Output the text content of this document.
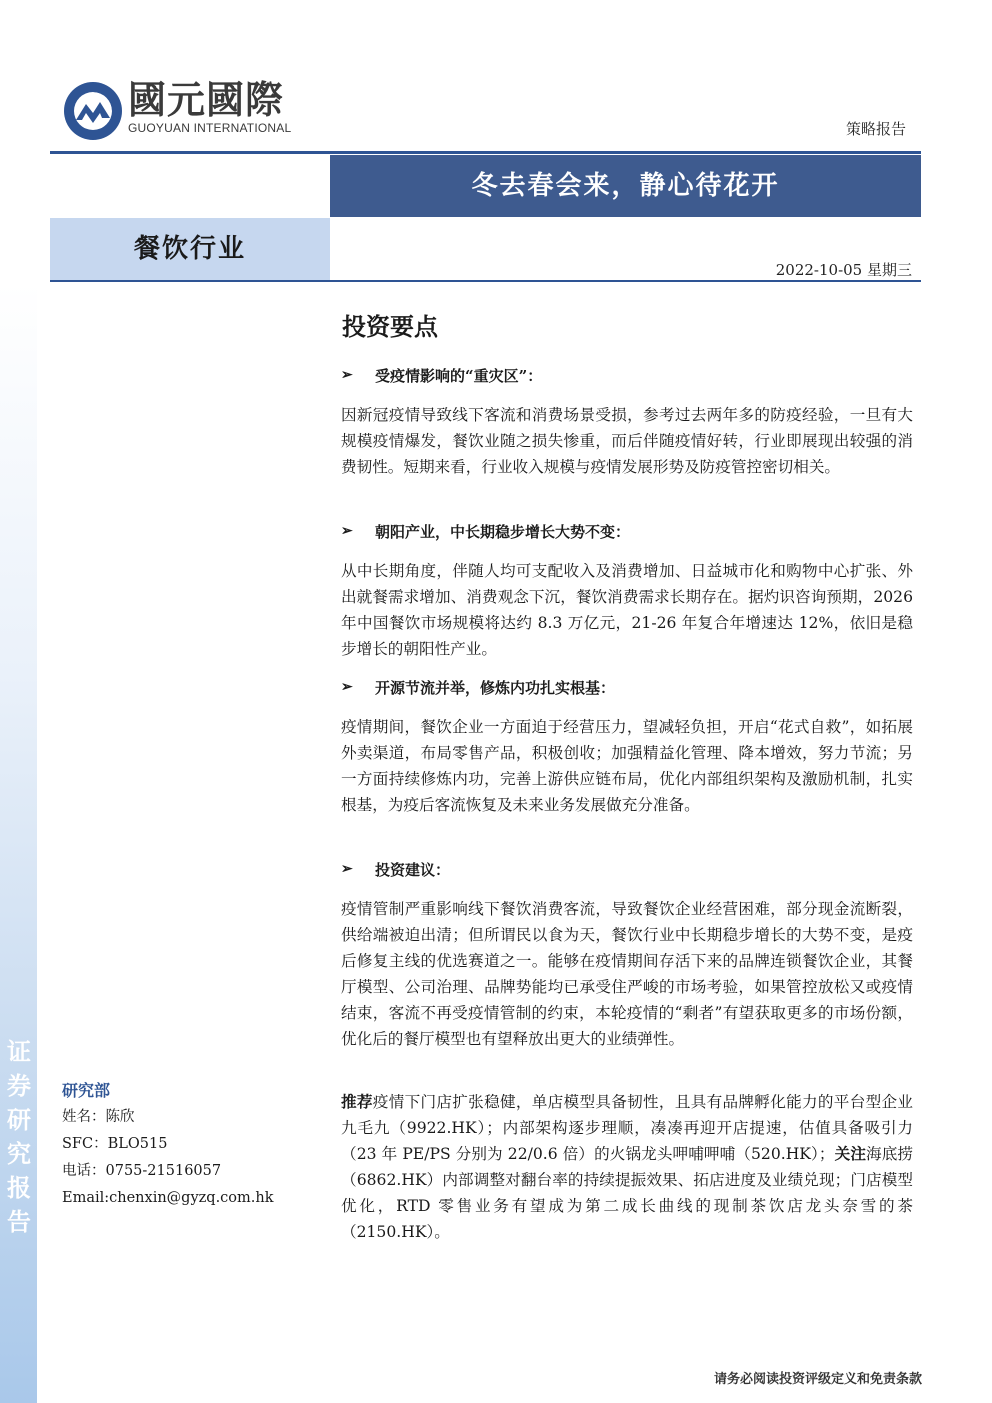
证券研究报告
國元國際
GUOYUAN INTERNATIONAL	策略报告
冬去春会来，静心待花开
餐饮行业
2022-10-05 星期三
投资要点
➢	受疫情影响的“重灾区”：

因新冠疫情导致线下客流和消费场景受损，参考过去两年多的防疫经验，一旦有大规模疫情爆发，餐饮业随之损失惨重，而后伴随疫情好转，行业即展现出较强的消费韧性。短期来看，行业收入规模与疫情发展形势及防疫管控密切相关。

➢	朝阳产业，中长期稳步增长大势不变：

从中长期角度，伴随人均可支配收入及消费增加、日益城市化和购物中心扩张、外出就餐需求增加、消费观念下沉，餐饮消费需求长期存在。据灼识咨询预期，2026 年中国餐饮市场规模将达约 8.3 万亿元，21-26 年复合年增速达 12%，依旧是稳步增长的朝阳性产业。

➢	开源节流并举，修炼内功扎实根基：

疫情期间，餐饮企业一方面迫于经营压力，望减轻负担，开启“花式自救”，如拓展外卖渠道，布局零售产品，积极创收；加强精益化管理、降本增效，努力节流；另一方面持续修炼内功，完善上游供应链布局，优化内部组织架构及激励机制，扎实根基，为疫后客流恢复及未来业务发展做充分准备。

➢	投资建议：

疫情管制严重影响线下餐饮消费客流，导致餐饮企业经营困难，部分现金流断裂，供给端被迫出清；但所谓民以食为天，餐饮行业中长期稳步增长的大势不变，是疫后修复主线的优选赛道之一。能够在疫情期间存活下来的品牌连锁餐饮企业，其餐厅模型、公司治理、品牌势能均已承受住严峻的市场考验，如果管控放松又或疫情结束，客流不再受疫情管制的约束，本轮疫情的“剩者”有望获取更多的市场份额，优化后的餐厅模型也有望释放出更大的业绩弹性。

推荐疫情下门店扩张稳健，单店模型具备韧性，且具有品牌孵化能力的平台型企业九毛九（9922.HK）；内部架构逐步理顺，凑凑再迎开店提速，估值具备吸引力（23 年 PE/PS 分别为 22/0.6 倍）的火锅龙头呷哺呷哺（520.HK）；关注海底捞（6862.HK）内部调整对翻台率的持续提振效果、拓店进度及业绩兑现；门店模型优化，RTD 零售业务有望成为第二成长曲线的现制茶饮店龙头奈雪的茶（2150.HK）。

研究部
姓名：陈欣
SFC：BLO515
电话：0755-21516057
Email:chenxin@gyzq.com.hk
请务必阅读投资评级定义和免责条款
